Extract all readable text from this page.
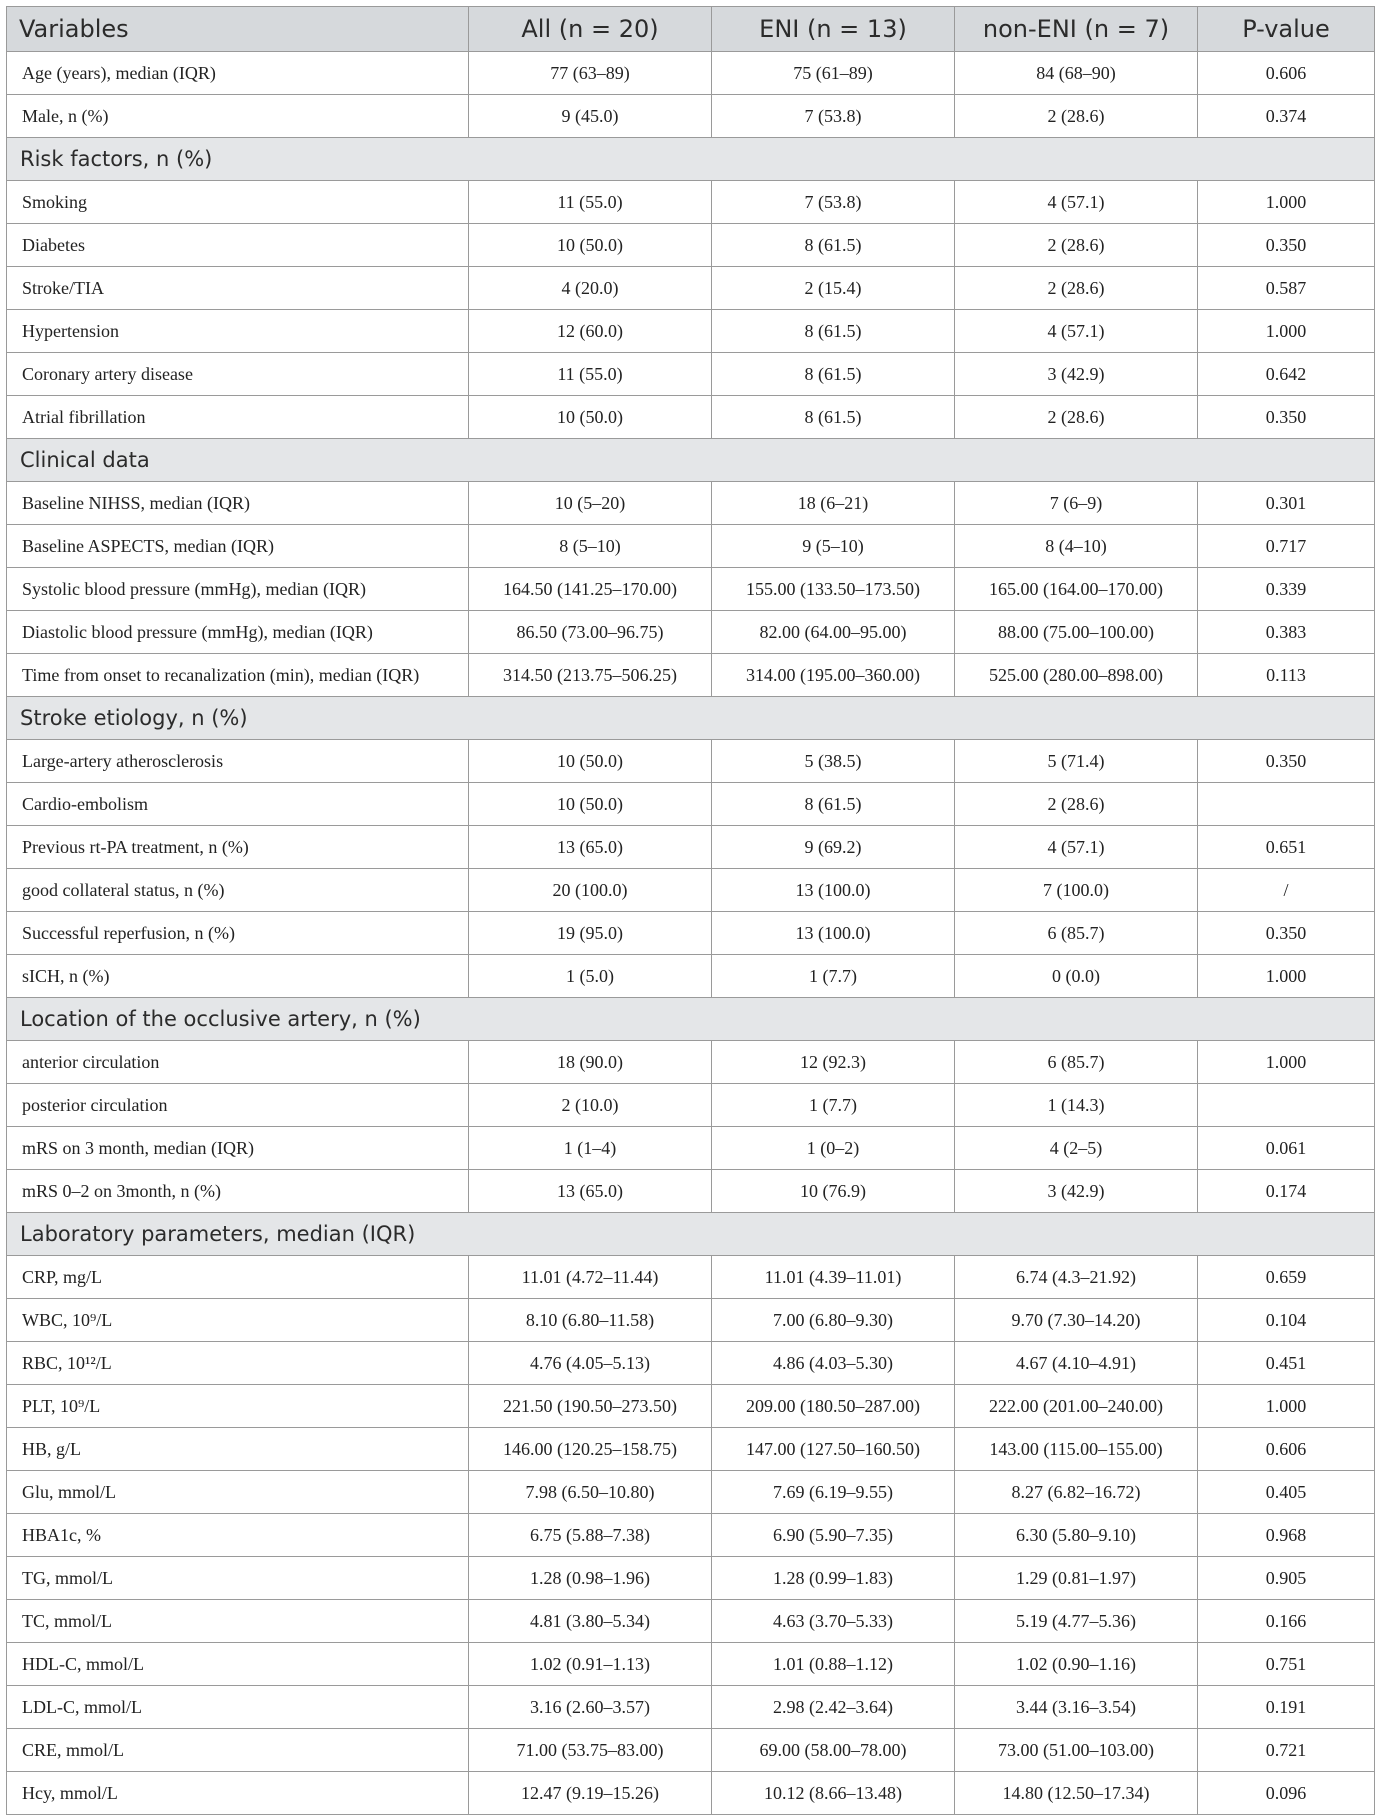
Variables	All (n = 20)	ENI (n = 13)	non-ENI (n = 7)	P-value
Age (years), median (IQR)	77 (63–89)	75 (61–89)	84 (68–90)	0.606
Male, n (%)	9 (45.0)	7 (53.8)	2 (28.6)	0.374
Risk factors, n (%)				
Smoking	11 (55.0)	7 (53.8)	4 (57.1)	1.000
Diabetes	10 (50.0)	8 (61.5)	2 (28.6)	0.350
Stroke/TIA	4 (20.0)	2 (15.4)	2 (28.6)	0.587
Hypertension	12 (60.0)	8 (61.5)	4 (57.1)	1.000
Coronary artery disease	11 (55.0)	8 (61.5)	3 (42.9)	0.642
Atrial fibrillation	10 (50.0)	8 (61.5)	2 (28.6)	0.350
Clinical data				
Baseline NIHSS, median (IQR)	10 (5–20)	18 (6–21)	7 (6–9)	0.301
Baseline ASPECTS, median (IQR)	8 (5–10)	9 (5–10)	8 (4–10)	0.717
Systolic blood pressure (mmHg), median (IQR)	164.50 (141.25–170.00)	155.00 (133.50–173.50)	165.00 (164.00–170.00)	0.339
Diastolic blood pressure (mmHg), median (IQR)	86.50 (73.00–96.75)	82.00 (64.00–95.00)	88.00 (75.00–100.00)	0.383
Time from onset to recanalization (min), median (IQR)	314.50 (213.75–506.25)	314.00 (195.00–360.00)	525.00 (280.00–898.00)	0.113
Stroke etiology, n (%)				
Large-artery atherosclerosis	10 (50.0)	5 (38.5)	5 (71.4)	0.350
Cardio-embolism	10 (50.0)	8 (61.5)	2 (28.6)	
Previous rt-PA treatment, n (%)	13 (65.0)	9 (69.2)	4 (57.1)	0.651
good collateral status, n (%)	20 (100.0)	13 (100.0)	7 (100.0)	/
Successful reperfusion, n (%)	19 (95.0)	13 (100.0)	6 (85.7)	0.350
sICH, n (%)	1 (5.0)	1 (7.7)	0 (0.0)	1.000
Location of the occlusive artery, n (%)				
anterior circulation	18 (90.0)	12 (92.3)	6 (85.7)	1.000
posterior circulation	2 (10.0)	1 (7.7)	1 (14.3)	
mRS on 3 month, median (IQR)	1 (1–4)	1 (0–2)	4 (2–5)	0.061
mRS 0–2 on 3month, n (%)	13 (65.0)	10 (76.9)	3 (42.9)	0.174
Laboratory parameters, median (IQR)				
CRP, mg/L	11.01 (4.72–11.44)	11.01 (4.39–11.01)	6.74 (4.3–21.92)	0.659
WBC, 10⁹/L	8.10 (6.80–11.58)	7.00 (6.80–9.30)	9.70 (7.30–14.20)	0.104
RBC, 10¹²/L	4.76 (4.05–5.13)	4.86 (4.03–5.30)	4.67 (4.10–4.91)	0.451
PLT, 10⁹/L	221.50 (190.50–273.50)	209.00 (180.50–287.00)	222.00 (201.00–240.00)	1.000
HB, g/L	146.00 (120.25–158.75)	147.00 (127.50–160.50)	143.00 (115.00–155.00)	0.606
Glu, mmol/L	7.98 (6.50–10.80)	7.69 (6.19–9.55)	8.27 (6.82–16.72)	0.405
HBA1c, %	6.75 (5.88–7.38)	6.90 (5.90–7.35)	6.30 (5.80–9.10)	0.968
TG, mmol/L	1.28 (0.98–1.96)	1.28 (0.99–1.83)	1.29 (0.81–1.97)	0.905
TC, mmol/L	4.81 (3.80–5.34)	4.63 (3.70–5.33)	5.19 (4.77–5.36)	0.166
HDL-C, mmol/L	1.02 (0.91–1.13)	1.01 (0.88–1.12)	1.02 (0.90–1.16)	0.751
LDL-C, mmol/L	3.16 (2.60–3.57)	2.98 (2.42–3.64)	3.44 (3.16–3.54)	0.191
CRE, mmol/L	71.00 (53.75–83.00)	69.00 (58.00–78.00)	73.00 (51.00–103.00)	0.721
Hcy, mmol/L	12.47 (9.19–15.26)	10.12 (8.66–13.48)	14.80 (12.50–17.34)	0.096
